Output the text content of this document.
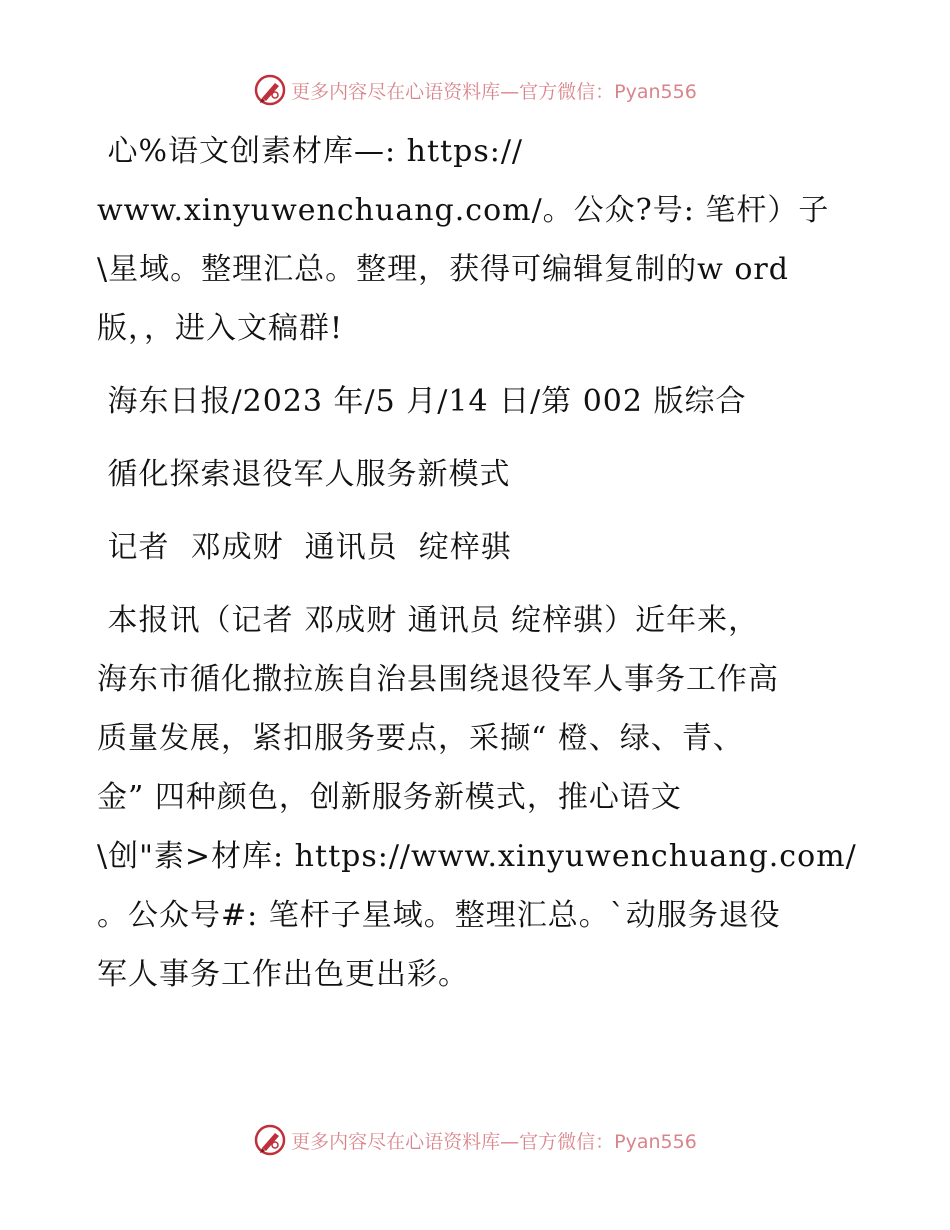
更多内容尽在心语资料库—官方微信：Pyan556
心%语文创素材库—: https://
www.xinyuwenchuang.com/。公众?号: 笔杆）子
\星域。整理汇总。整理，获得可编辑复制的w ord
版，，进入文稿群!
海东日报/2023 年/5 月/14 日/第 002 版综合
循化探索退役军人服务新模式
记者  邓成财  通讯员  绽梓骐
本报讯（记者 邓成财 通讯员 绽梓骐）近年来，
海东市循化撒拉族自治县围绕退役军人事务工作高
质量发展，紧扣服务要点，采撷“ 橙、绿、青、
金” 四种颜色，创新服务新模式，推心语文
\创"素>材库: https://www.xinyuwenchuang.com/
。公众号#: 笔杆子星域。整理汇总。`动服务退役
军人事务工作出色更出彩。
更多内容尽在心语资料库—官方微信：Pyan556
